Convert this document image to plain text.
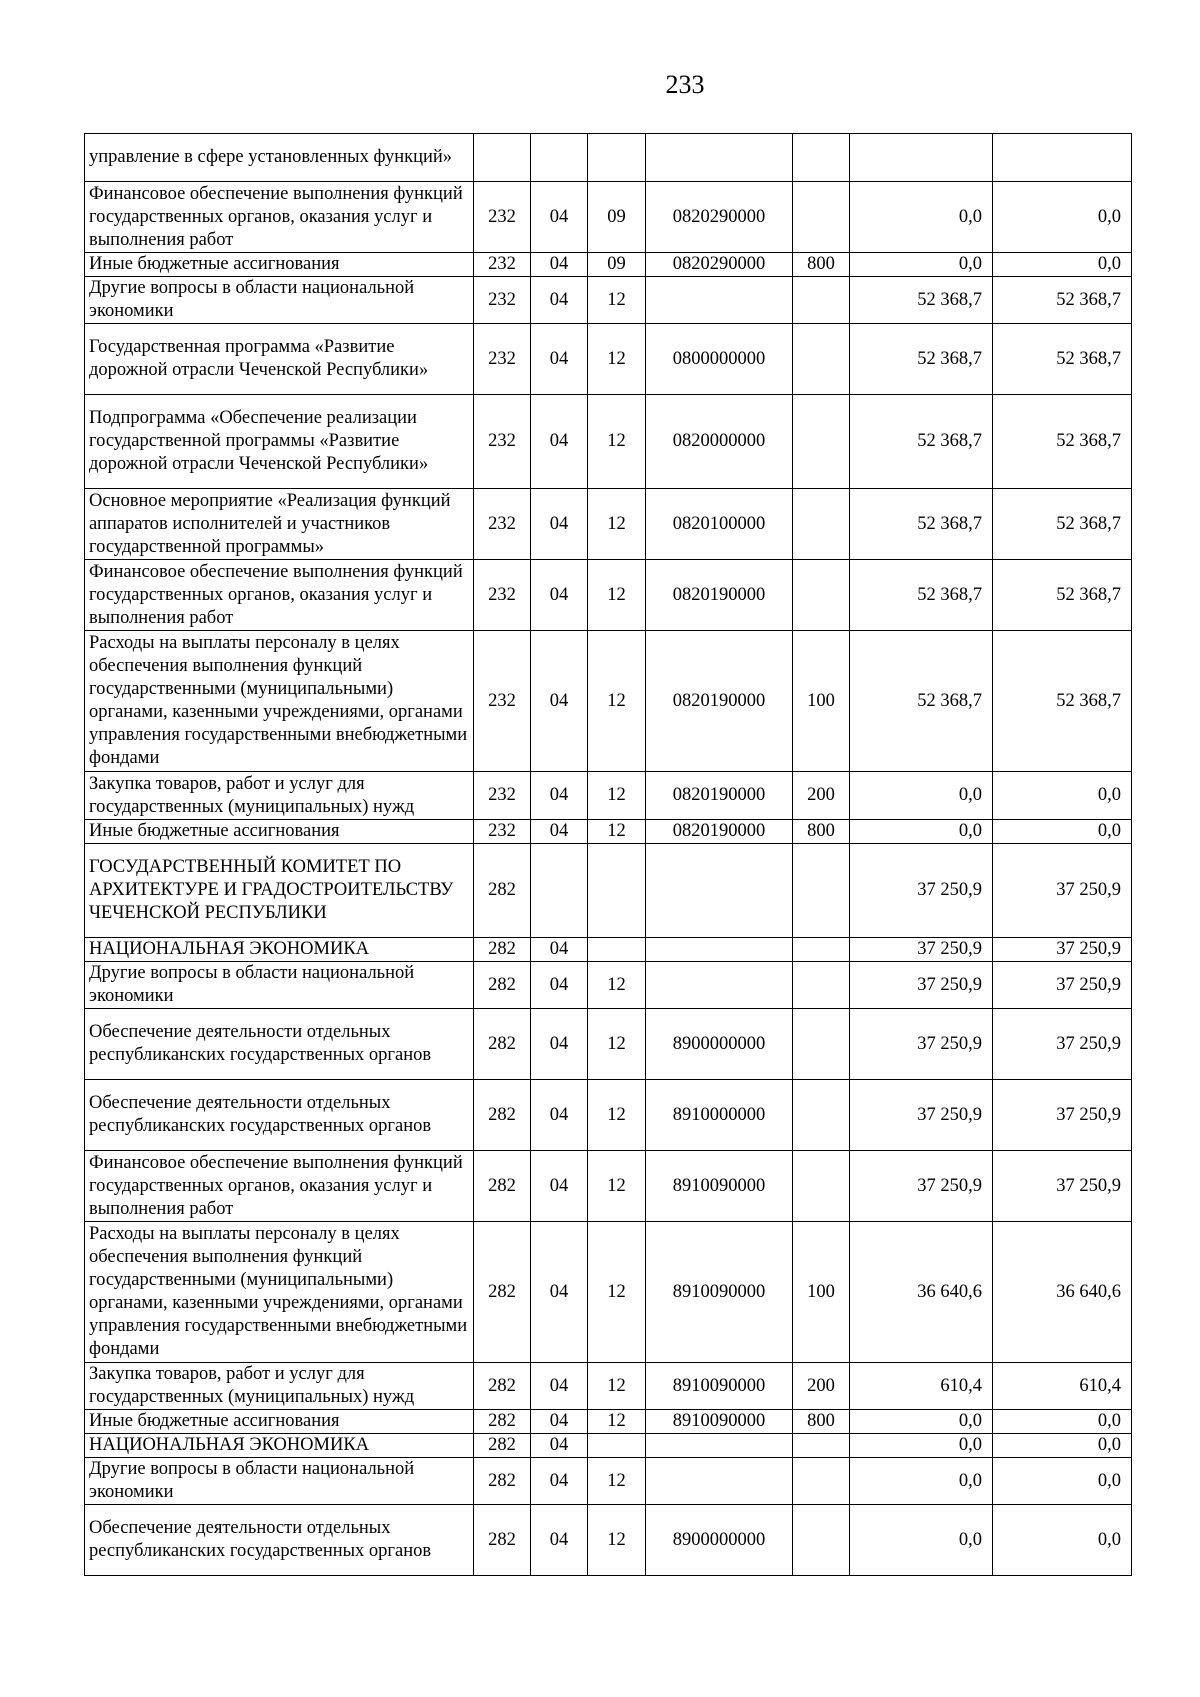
233
управление в сфере установленных функций»							
Финансовое обеспечение выполнения функций государственных органов, оказания услуг и выполнения работ	232	04	09	0820290000		0,0	0,0
Иные бюджетные ассигнования	232	04	09	0820290000	800	0,0	0,0
Другие вопросы в области национальной экономики	232	04	12			52 368,7	52 368,7
Государственная программа «Развитие дорожной отрасли Чеченской Республики»	232	04	12	0800000000		52 368,7	52 368,7
Подпрограмма «Обеспечение реализации государственной программы «Развитие дорожной отрасли Чеченской Республики»	232	04	12	0820000000		52 368,7	52 368,7
Основное мероприятие «Реализация функций аппаратов исполнителей и участников государственной программы»	232	04	12	0820100000		52 368,7	52 368,7
Финансовое обеспечение выполнения функций государственных органов, оказания услуг и выполнения работ	232	04	12	0820190000		52 368,7	52 368,7
Расходы на выплаты персоналу в целях обеспечения выполнения функций государственными (муниципальными) органами, казенными учреждениями, органами управления государственными внебюджетными фондами	232	04	12	0820190000	100	52 368,7	52 368,7
Закупка товаров, работ и услуг для государственных (муниципальных) нужд	232	04	12	0820190000	200	0,0	0,0
Иные бюджетные ассигнования	232	04	12	0820190000	800	0,0	0,0
ГОСУДАРСТВЕННЫЙ КОМИТЕТ ПО АРХИТЕКТУРЕ И ГРАДОСТРОИТЕЛЬСТВУ ЧЕЧЕНСКОЙ РЕСПУБЛИКИ	282					37 250,9	37 250,9
НАЦИОНАЛЬНАЯ ЭКОНОМИКА	282	04				37 250,9	37 250,9
Другие вопросы в области национальной экономики	282	04	12			37 250,9	37 250,9
Обеспечение деятельности отдельных республиканских государственных органов	282	04	12	8900000000		37 250,9	37 250,9
Обеспечение деятельности отдельных республиканских государственных органов	282	04	12	8910000000		37 250,9	37 250,9
Финансовое обеспечение выполнения функций государственных органов, оказания услуг и выполнения работ	282	04	12	8910090000		37 250,9	37 250,9
Расходы на выплаты персоналу в целях обеспечения выполнения функций государственными (муниципальными) органами, казенными учреждениями, органами управления государственными внебюджетными фондами	282	04	12	8910090000	100	36 640,6	36 640,6
Закупка товаров, работ и услуг для государственных (муниципальных) нужд	282	04	12	8910090000	200	610,4	610,4
Иные бюджетные ассигнования	282	04	12	8910090000	800	0,0	0,0
НАЦИОНАЛЬНАЯ ЭКОНОМИКА	282	04				0,0	0,0
Другие вопросы в области национальной экономики	282	04	12			0,0	0,0
Обеспечение деятельности отдельных республиканских государственных органов	282	04	12	8900000000		0,0	0,0
